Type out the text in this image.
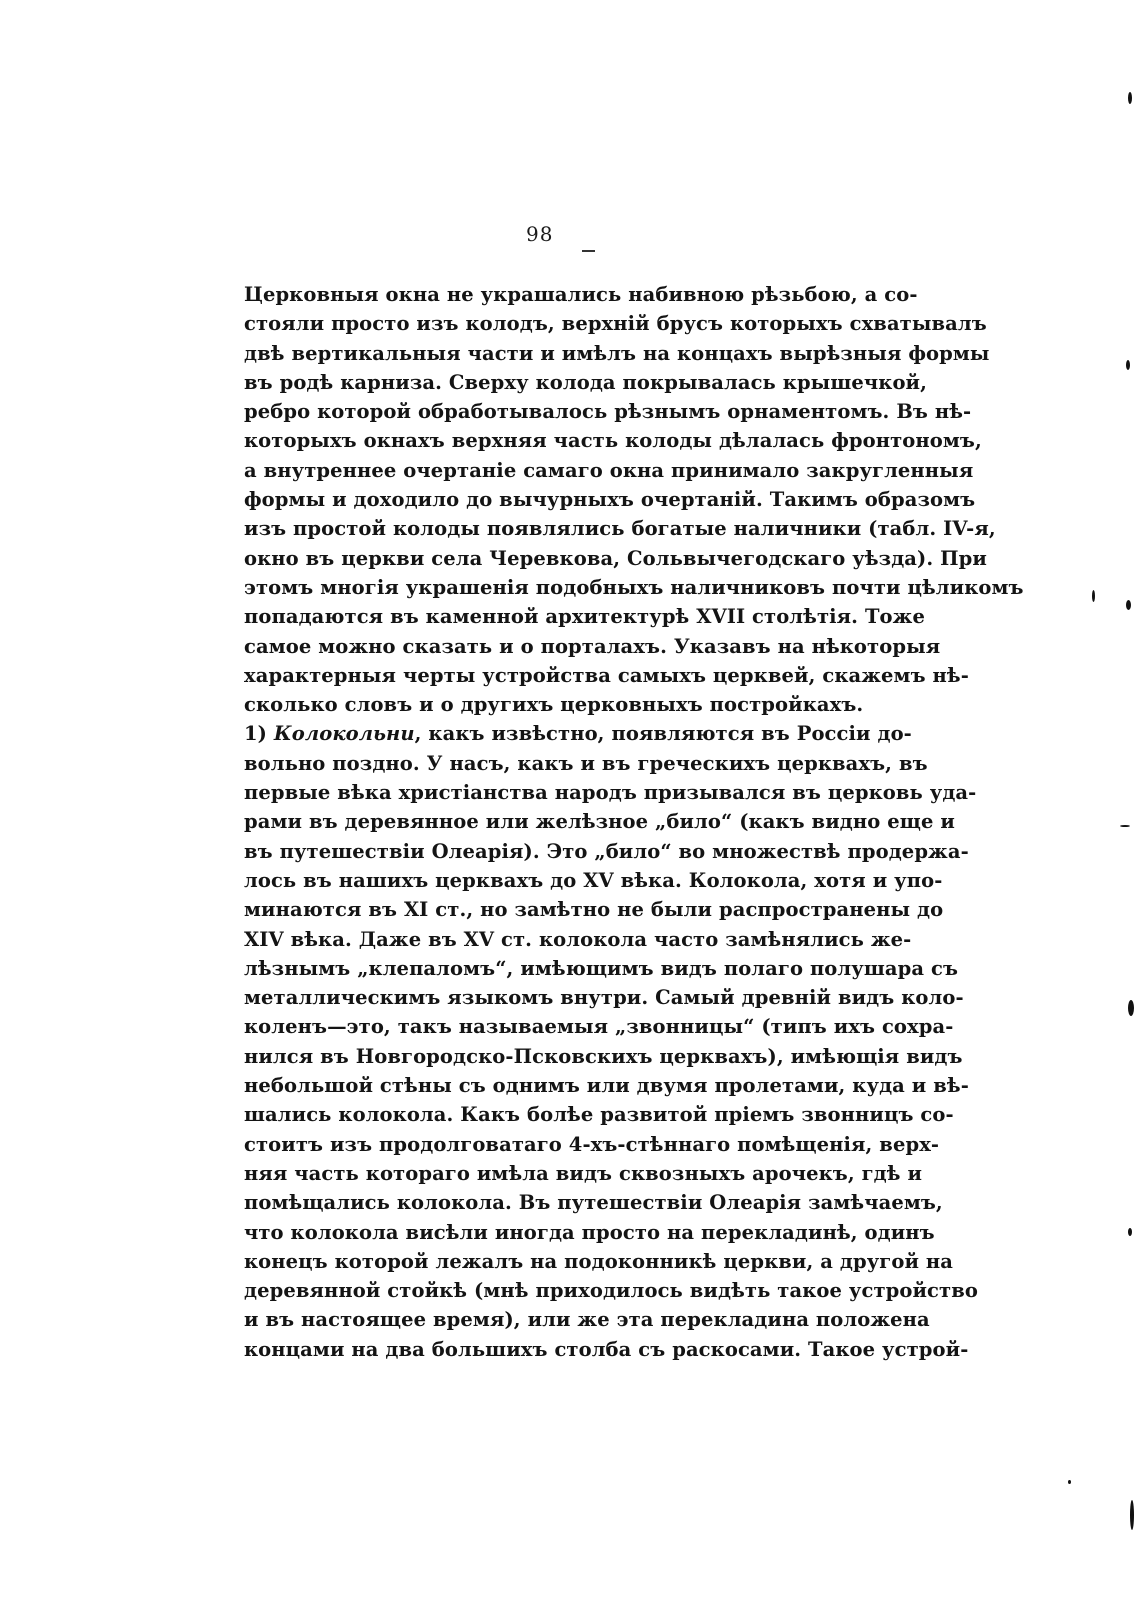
98
Церковныя окна не украшались набивною рѣзьбою, а со-
стояли просто изъ колодъ, верхній брусъ которыхъ схватывалъ
двѣ вертикальныя части и имѣлъ на концахъ вырѣзныя формы
въ родѣ карниза. Сверху колода покрывалась крышечкой,
ребро которой обработывалось рѣзнымъ орнаментомъ. Въ нѣ-
которыхъ окнахъ верхняя часть колоды дѣлалась фронтономъ,
а внутреннее очертаніе самаго окна принимало закругленныя
формы и доходило до вычурныхъ очертаній. Такимъ образомъ
изъ простой колоды появлялись богатые наличники (табл. IV-я,
окно въ церкви села Черевкова, Сольвычегодскаго уѣзда). При
этомъ многія украшенія подобныхъ наличниковъ почти цѣликомъ
попадаются въ каменной архитектурѣ XVII столѣтія. Тоже
самое можно сказать и о порталахъ. Указавъ на нѣкоторыя
характерныя черты устройства самыхъ церквей, скажемъ нѣ-
сколько словъ и о другихъ церковныхъ постройкахъ.
1) Колокольни, какъ извѣстно, появляются въ Россіи до-
вольно поздно. У насъ, какъ и въ греческихъ церквахъ, въ
первые вѣка христіанства народъ призывался въ церковь уда-
рами въ деревянное или желѣзное „било“ (какъ видно еще и
въ путешествіи Олеарія). Это „било“ во множествѣ продержа-
лось въ нашихъ церквахъ до XV вѣка. Колокола, хотя и упо-
минаются въ XI ст., но замѣтно не были распространены до
XIV вѣка. Даже въ XV ст. колокола часто замѣнялись же-
лѣзнымъ „клепаломъ“, имѣющимъ видъ полаго полушара съ
металлическимъ языкомъ внутри. Самый древній видъ коло-
коленъ—это, такъ называемыя „звонницы“ (типъ ихъ сохра-
нился въ Новгородско-Псковскихъ церквахъ), имѣющія видъ
небольшой стѣны съ однимъ или двумя пролетами, куда и вѣ-
шались колокола. Какъ болѣе развитой пріемъ звонницъ со-
стоитъ изъ продолговатаго 4-хъ-стѣннаго помѣщенія, верх-
няя часть котораго имѣла видъ сквозныхъ арочекъ, гдѣ и
помѣщались колокола. Въ путешествіи Олеарія замѣчаемъ,
что колокола висѣли иногда просто на перекладинѣ, одинъ
конецъ которой лежалъ на подоконникѣ церкви, а другой на
деревянной стойкѣ (мнѣ приходилось видѣть такое устройство
и въ настоящее время), или же эта перекладина положена
концами на два большихъ столба съ раскосами. Такое устрой-
